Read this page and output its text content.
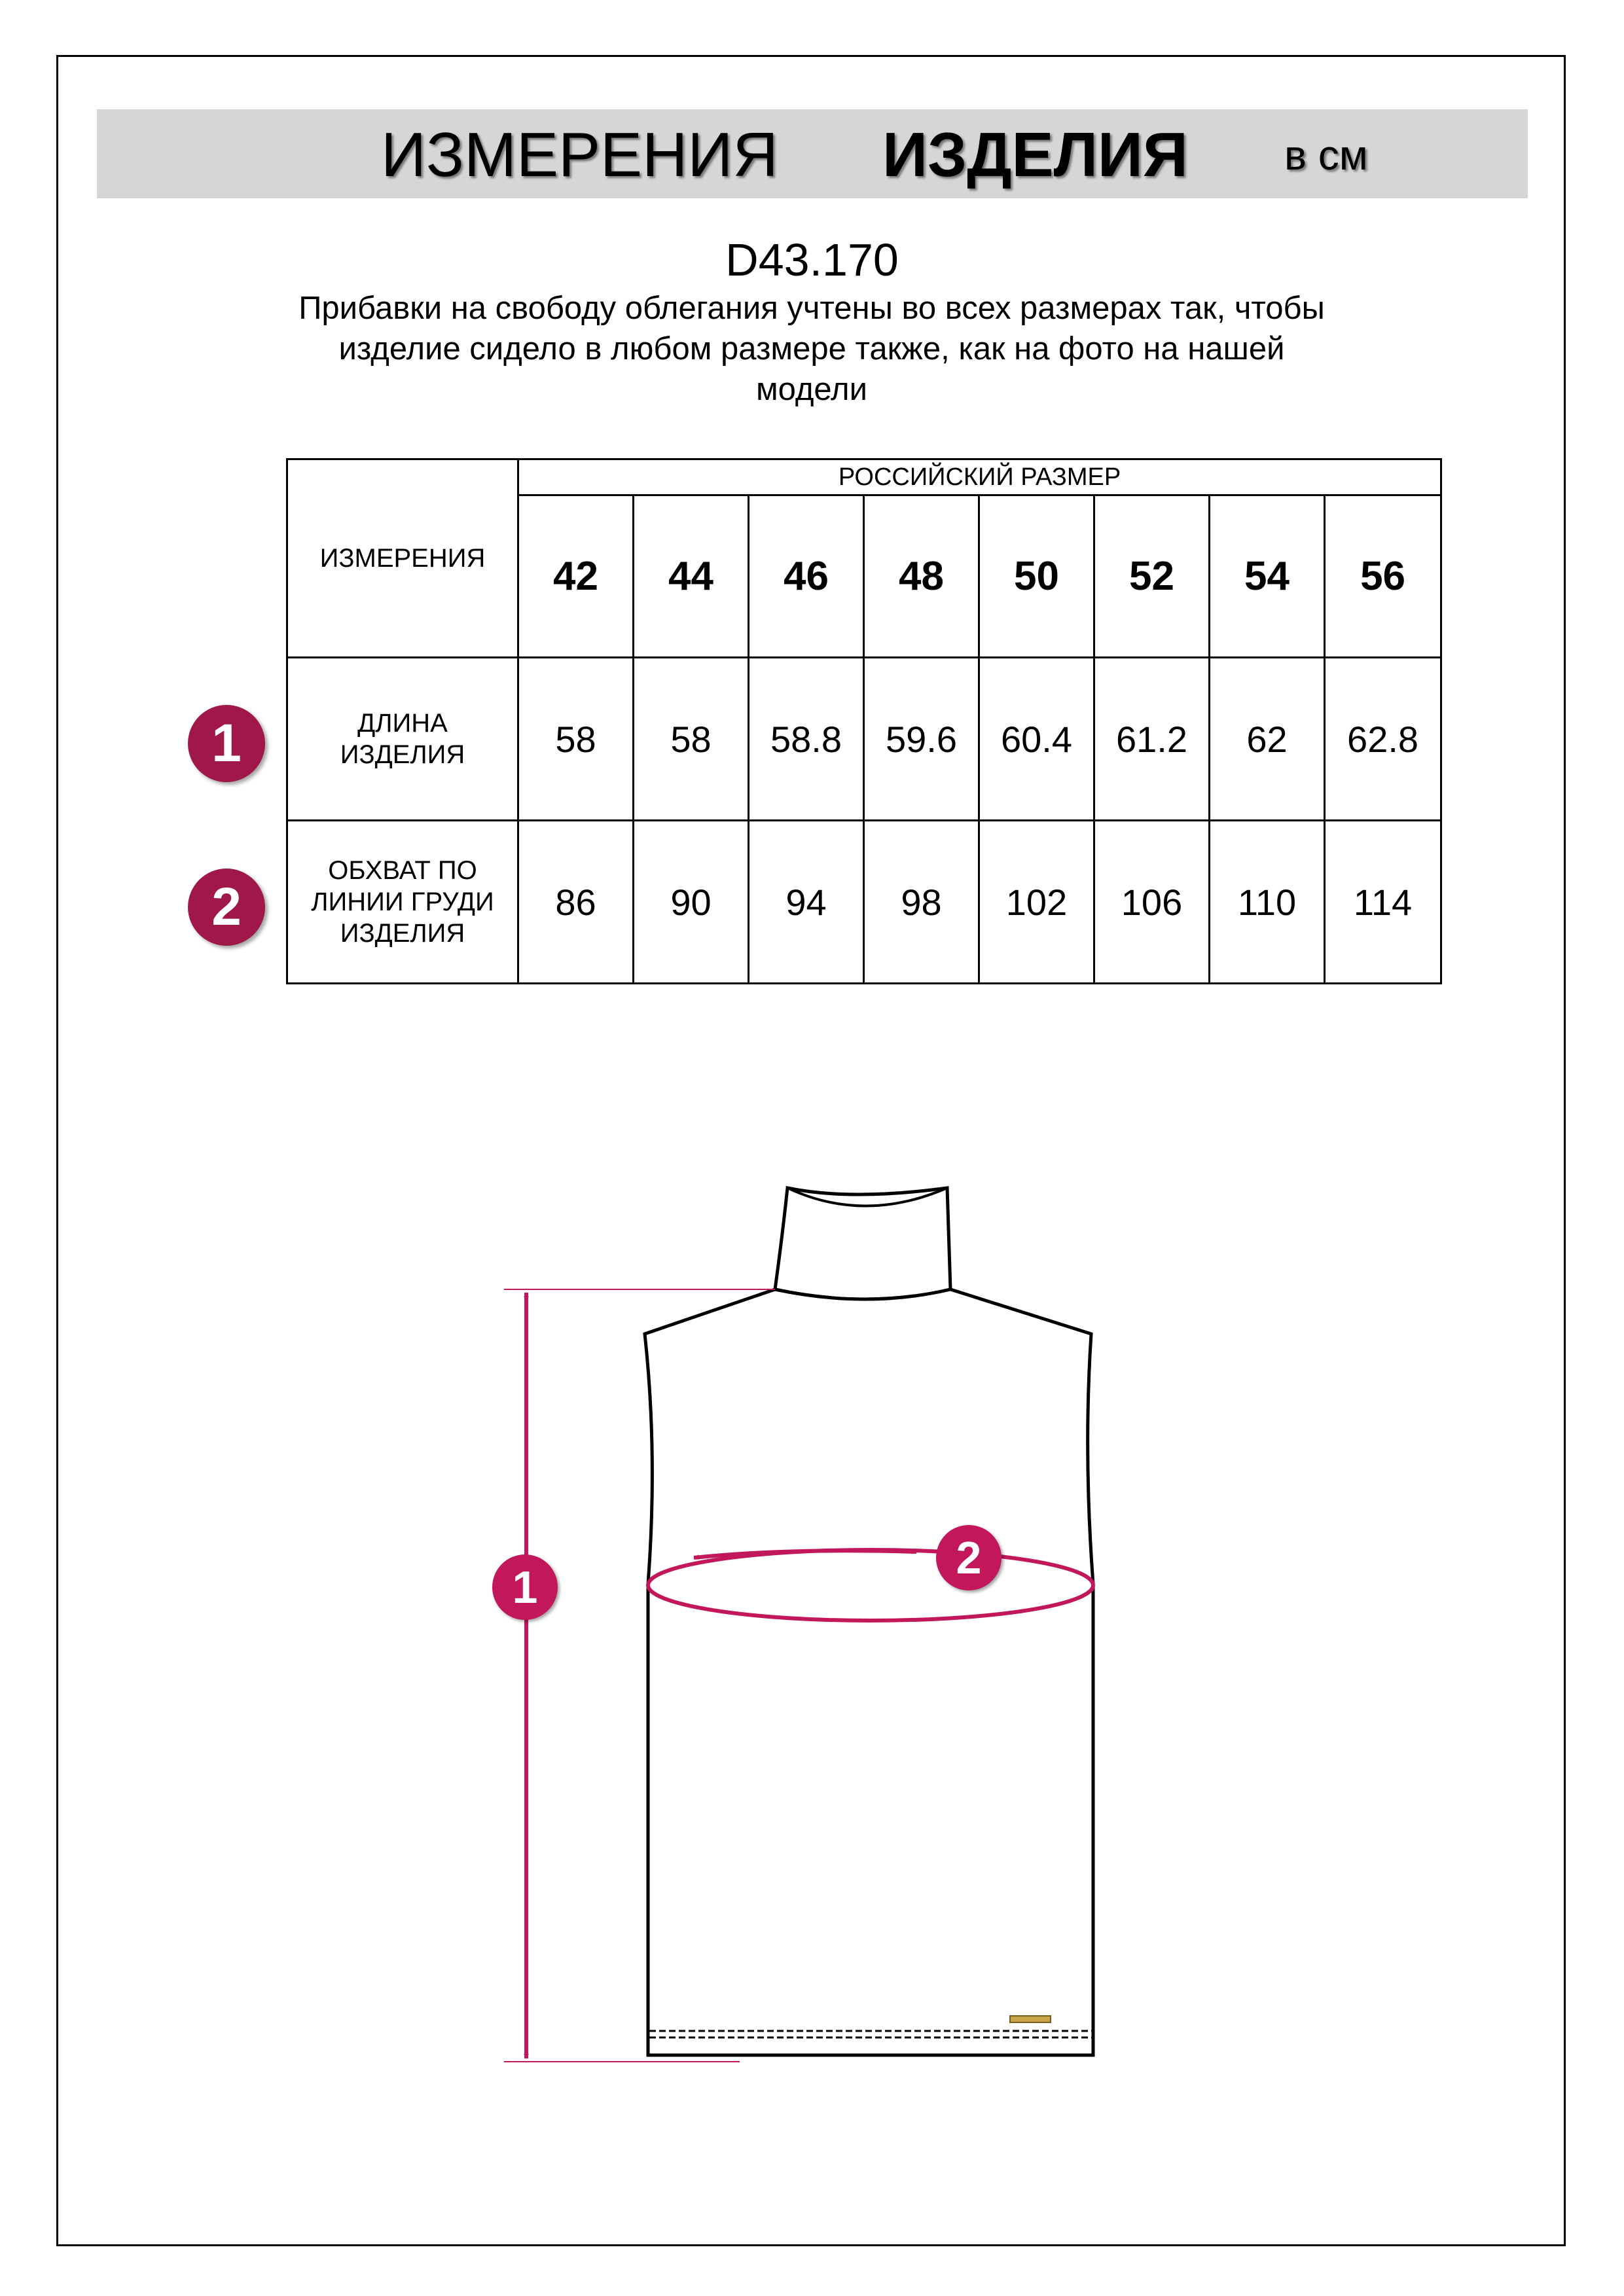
ИЗМЕРЕНИЯ ИЗДЕЛИЯ в см
D43.170
Прибавки на свободу облегания учтены во всех размерах так, чтобы
изделие сидело в любом размере также, как на фото на нашей
модели
ИЗМЕРЕНИЯ	РОССИЙСКИЙ РАЗМЕР							
	42	44	46	48	50	52	54	56

ДЛИНА
ИЗДЕЛИЯ	58	58	58.8	59.6	60.4	61.2	62	62.8

ОБХВАТ ПО
ЛИНИИ ГРУДИ
ИЗДЕЛИЯ	86	90	94	98	102	106	110	114
1
2
1
2
